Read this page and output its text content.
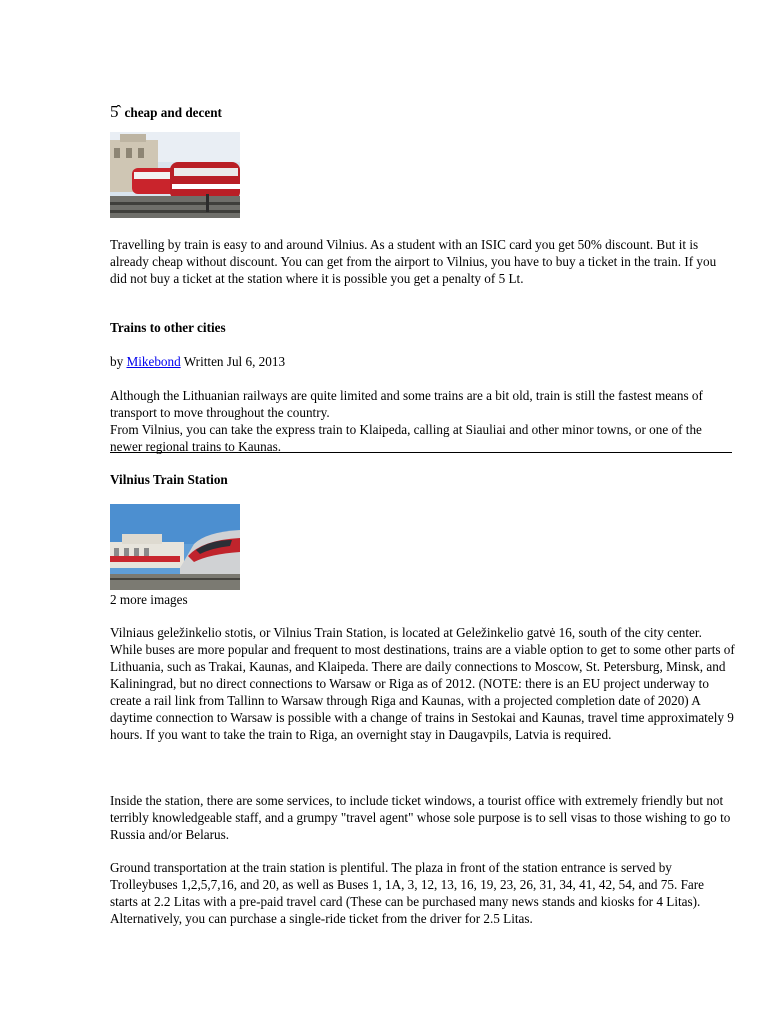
5̂ cheap and decent

Travelling by train is easy to and around Vilnius. As a student with an ISIC card you get 50% discount. But it is already cheap without discount. You can get from the airport to Vilnius, you have to buy a ticket in the train. If you did not buy a ticket at the station where it is possible you get a penalty of 5 Lt.

Trains to other cities

by Mikebond Written Jul 6, 2013

Although the Lithuanian railways are quite limited and some trains are a bit old, train is still the fastest means of transport to move throughout the country.

From Vilnius, you can take the express train to Klaipeda, calling at Siauliai and other minor towns, or one of the newer regional trains to Kaunas.

Vilnius Train Station

2 more images

Vilniaus geležinkelio stotis, or Vilnius Train Station, is located at Geležinkelio gatvė 16, south of the city center. While buses are more popular and frequent to most destinations, trains are a viable option to get to some other parts of Lithuania, such as Trakai, Kaunas, and Klaipeda. There are daily connections to Moscow, St. Petersburg, Minsk, and Kaliningrad, but no direct connections to Warsaw or Riga as of 2012. (NOTE: there is an EU project underway to create a rail link from Tallinn to Warsaw through Riga and Kaunas, with a projected completion date of 2020) A daytime connection to Warsaw is possible with a change of trains in Sestokai and Kaunas, travel time approximately 9 hours. If you want to take the train to Riga, an overnight stay in Daugavpils, Latvia is required.

Inside the station, there are some services, to include ticket windows, a tourist office with extremely friendly but not terribly knowledgeable staff, and a grumpy "travel agent" whose sole purpose is to sell visas to those wishing to go to Russia and/or Belarus.

Ground transportation at the train station is plentiful. The plaza in front of the station entrance is served by Trolleybuses 1,2,5,7,16, and 20, as well as Buses 1, 1A, 3, 12, 13, 16, 19, 23, 26, 31, 34, 41, 42, 54, and 75. Fare starts at 2.2 Litas with a pre-paid travel card (These can be purchased many news stands and kiosks for 4 Litas). Alternatively, you can purchase a single-ride ticket from the driver for 2.5 Litas.
